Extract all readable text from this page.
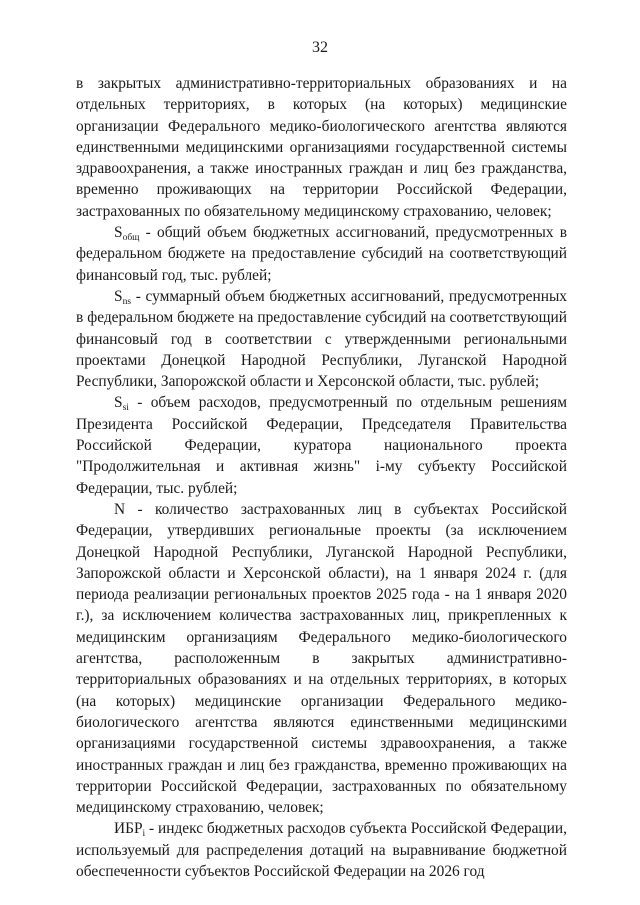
32

в закрытых административно-территориальных образованиях и на отдельных территориях, в которых (на которых) медицинские организации Федерального медико-биологического агентства являются единственными медицинскими организациями государственной системы здравоохранения, а также иностранных граждан и лиц без гражданства, временно проживающих на территории Российской Федерации, застрахованных по обязательному медицинскому страхованию, человек;

$S_{общ}$ - общий объем бюджетных ассигнований, предусмотренных в федеральном бюджете на предоставление субсидий на соответствующий финансовый год, тыс. рублей;

$S_{ns}$ - суммарный объем бюджетных ассигнований, предусмотренных в федеральном бюджете на предоставление субсидий на соответствующий финансовый год в соответствии с утвержденными региональными проектами Донецкой Народной Республики, Луганской Народной Республики, Запорожской области и Херсонской области, тыс. рублей;

$S_{si}$ - объем расходов, предусмотренный по отдельным решениям Президента Российской Федерации, Председателя Правительства Российской Федерации, куратора национального проекта "Продолжительная и активная жизнь" i-му субъекту Российской Федерации, тыс. рублей;

N - количество застрахованных лиц в субъектах Российской Федерации, утвердивших региональные проекты (за исключением Донецкой Народной Республики, Луганской Народной Республики, Запорожской области и Херсонской области), на 1 января 2024 г. (для периода реализации региональных проектов 2025 года - на 1 января 2020 г.), за исключением количества застрахованных лиц, прикрепленных к медицинским организациям Федерального медико-биологического агентства, расположенным в закрытых административно-территориальных образованиях и на отдельных территориях, в которых (на которых) медицинские организации Федерального медико-биологического агентства являются единственными медицинскими организациями государственной системы здравоохранения, а также иностранных граждан и лиц без гражданства, временно проживающих на территории Российской Федерации, застрахованных по обязательному медицинскому страхованию, человек;

$ИБР_i$ - индекс бюджетных расходов субъекта Российской Федерации, используемый для распределения дотаций на выравнивание бюджетной обеспеченности субъектов Российской Федерации на 2026 год
